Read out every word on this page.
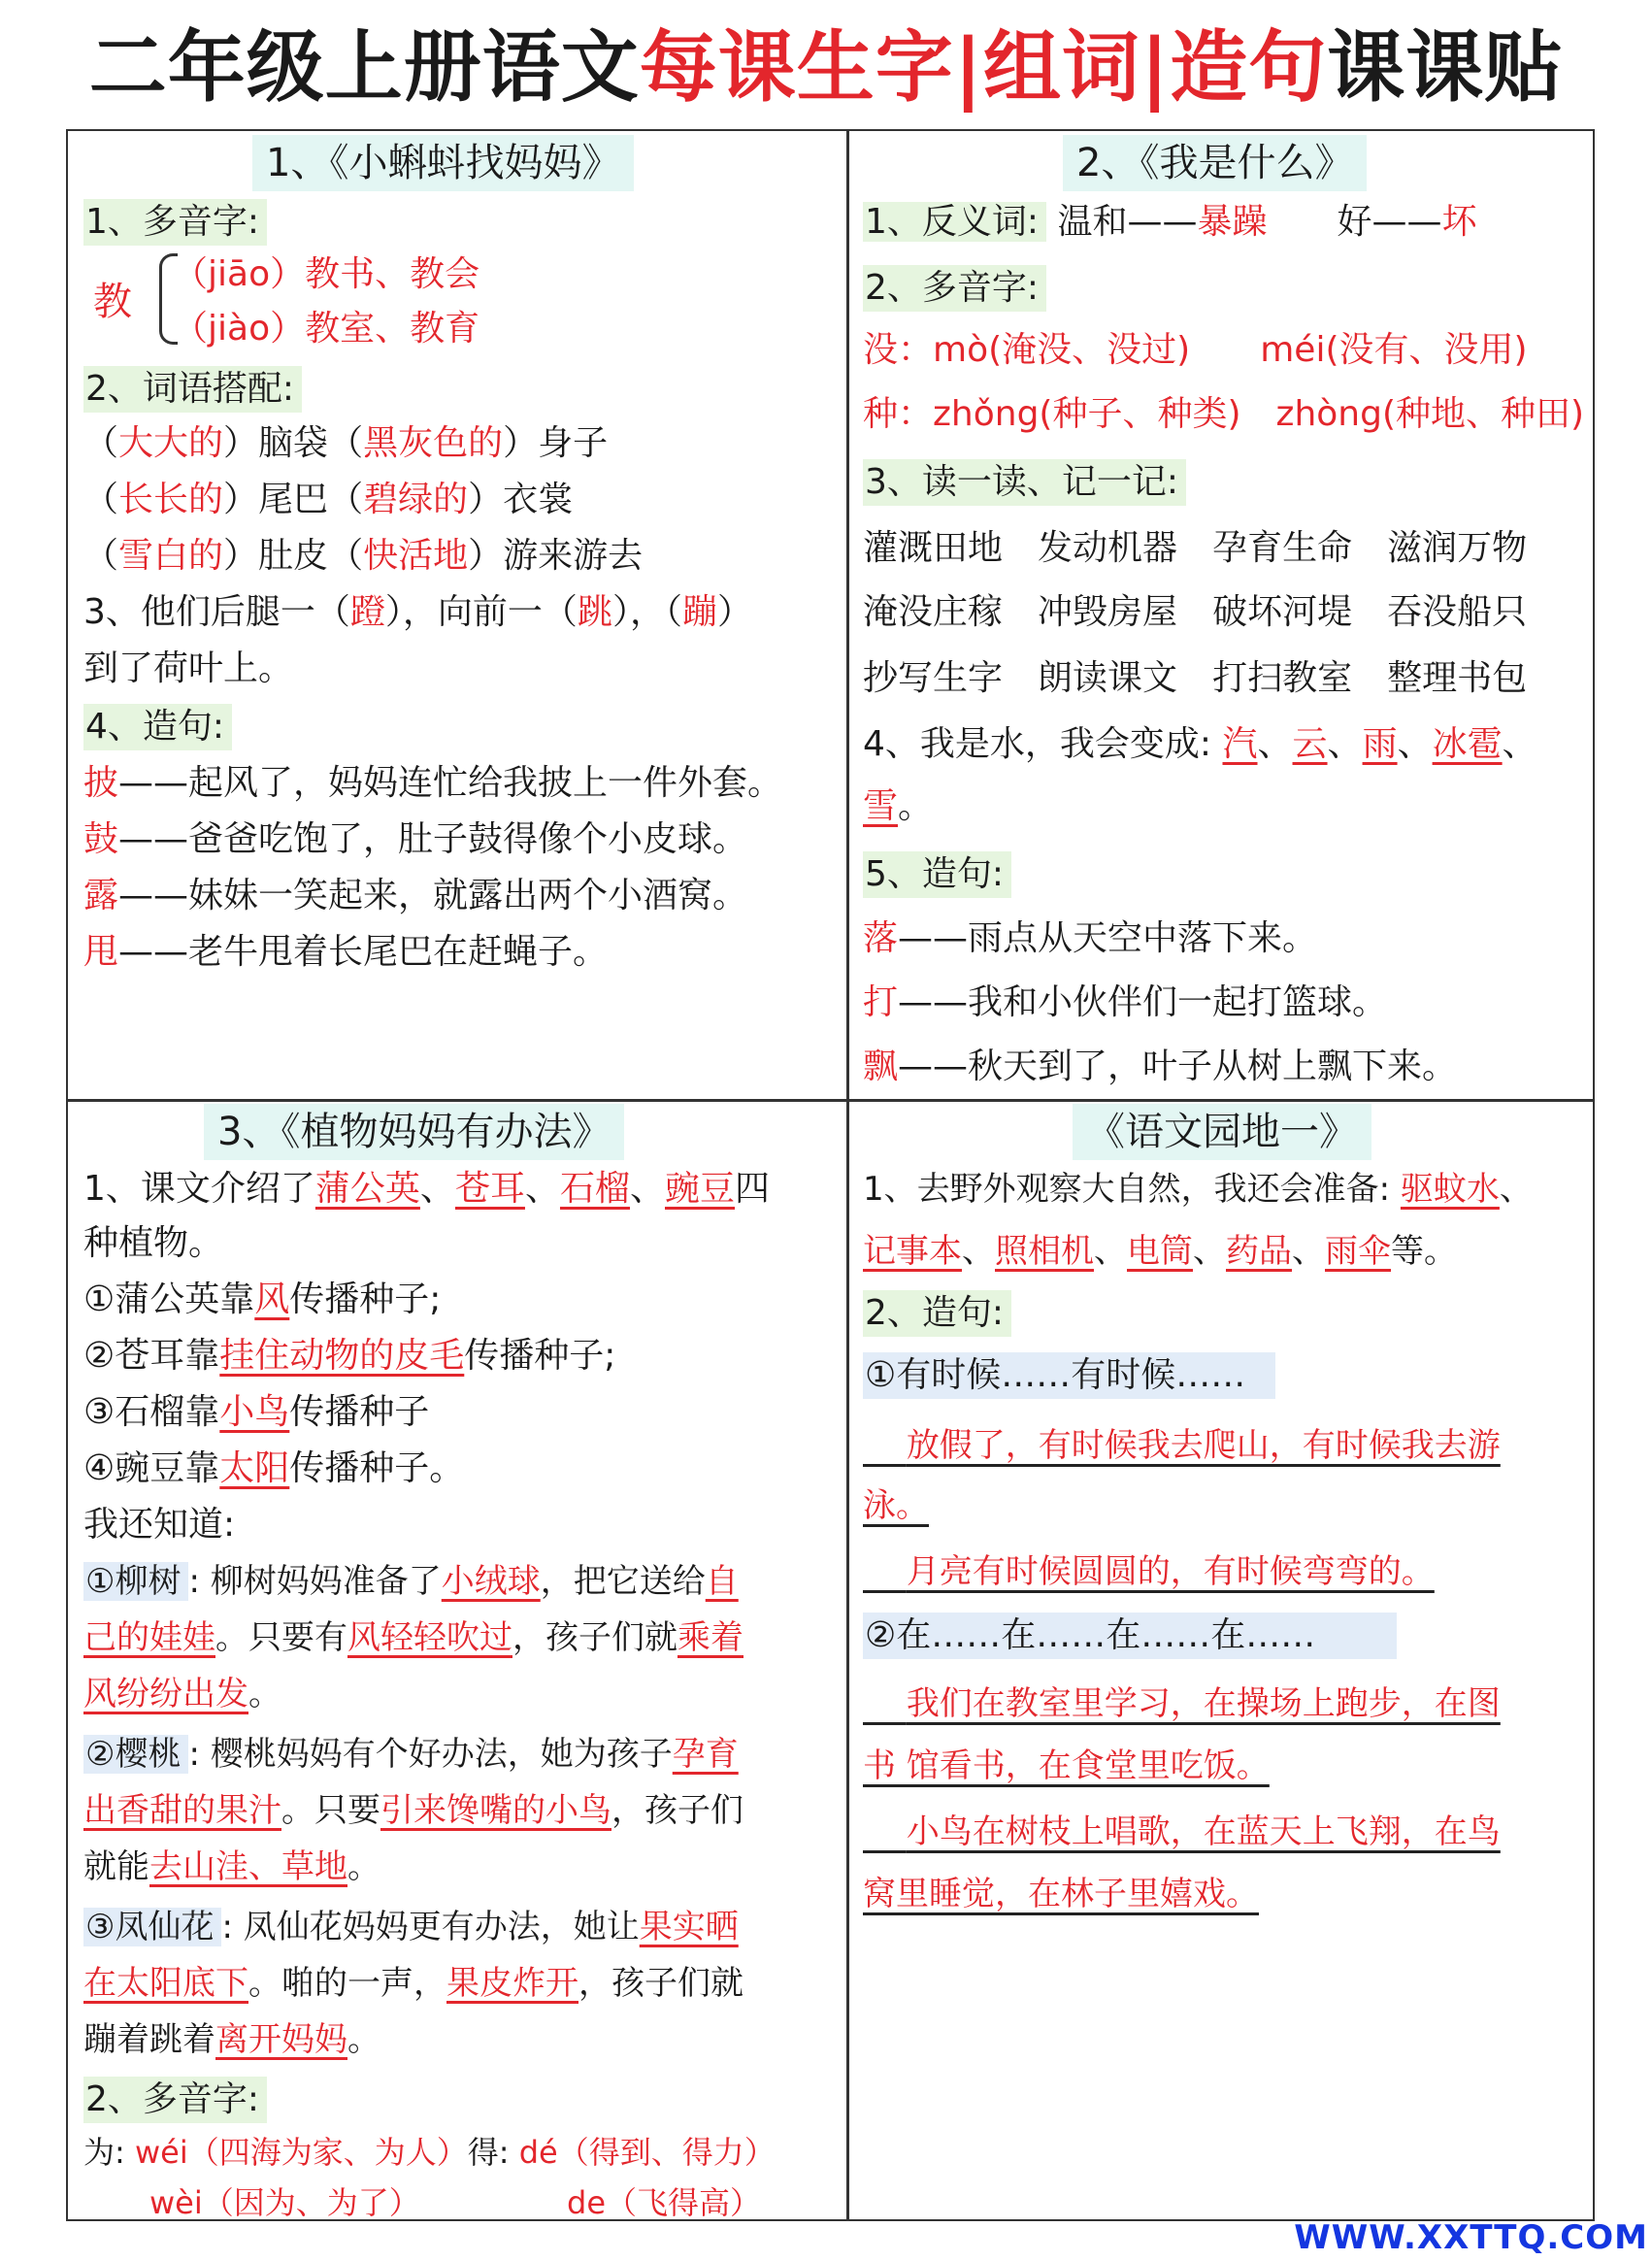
二年级上册语文每课生字|组词|造句课课贴
1、《小蝌蚪找妈妈》
1、多音字:
教
（jiāo）教书、教会
（jiào）教室、教育
2、词语搭配:
（大大的）脑袋（黑灰色的）身子
（长长的）尾巴（碧绿的）衣裳
（雪白的）肚皮（快活地）游来游去
3、他们后腿一（蹬），向前一（跳），（蹦）
到了荷叶上。
4、造句:
披——起风了，妈妈连忙给我披上一件外套。
鼓——爸爸吃饱了，肚子鼓得像个小皮球。
露——妹妹一笑起来，就露出两个小酒窝。
甩——老牛甩着长尾巴在赶蝇子。
2、《我是什么》
1、反义词: 温和——暴躁　　 好——坏
2、多音字:
没：mò(淹没、没过)　　 méi(没有、没用)
种：zhǒng(种子、种类)　 zhòng(种地、种田)
3、读一读、记一记:
灌溉田地　 发动机器　 孕育生命　 滋润万物
淹没庄稼　 冲毁房屋　 破坏河堤　 吞没船只
抄写生字　 朗读课文　 打扫教室　 整理书包
4、我是水，我会变成: 汽、云、雨、冰雹、
雪。
5、造句:
落——雨点从天空中落下来。
打——我和小伙伴们一起打篮球。
飘——秋天到了，叶子从树上飘下来。
3、《植物妈妈有办法》
1、课文介绍了蒲公英、苍耳、石榴、豌豆四
种植物。
①蒲公英靠风传播种子;
②苍耳靠挂住动物的皮毛传播种子;
③石榴靠小鸟传播种子
④豌豆靠太阳传播种子。
我还知道:
①柳树 : 柳树妈妈准备了小绒球，把它送给自
己的娃娃。只要有风轻轻吹过，孩子们就乘着
风纷纷出发。
②樱桃 : 樱桃妈妈有个好办法，她为孩子孕育
出香甜的果汁。只要引来馋嘴的小鸟，孩子们
就能去山洼、草地。
③凤仙花 : 凤仙花妈妈更有办法，她让果实晒
在太阳底下。啪的一声，果皮炸开，孩子们就
蹦着跳着离开妈妈。
2、多音字:
为: wéi（四海为家、为人）得: dé（得到、得力）
wèi（因为、为了）	de（飞得高）
《语文园地一》
1、去野外观察大自然，我还会准备: 驱蚊水、
记事本、照相机、电筒、药品、雨伞等。
2、造句:
①有时候……有时候……
　 放假了，有时候我去爬山，有时候我去游
泳。
　 月亮有时候圆圆的，有时候弯弯的。
②在……在……在……在……
　 我们在教室里学习，在操场上跑步，在图
书 馆看书，在食堂里吃饭。
　 小鸟在树枝上唱歌，在蓝天上飞翔，在鸟
窝里睡觉，在林子里嬉戏。
WWW.XXTTQ.COM
